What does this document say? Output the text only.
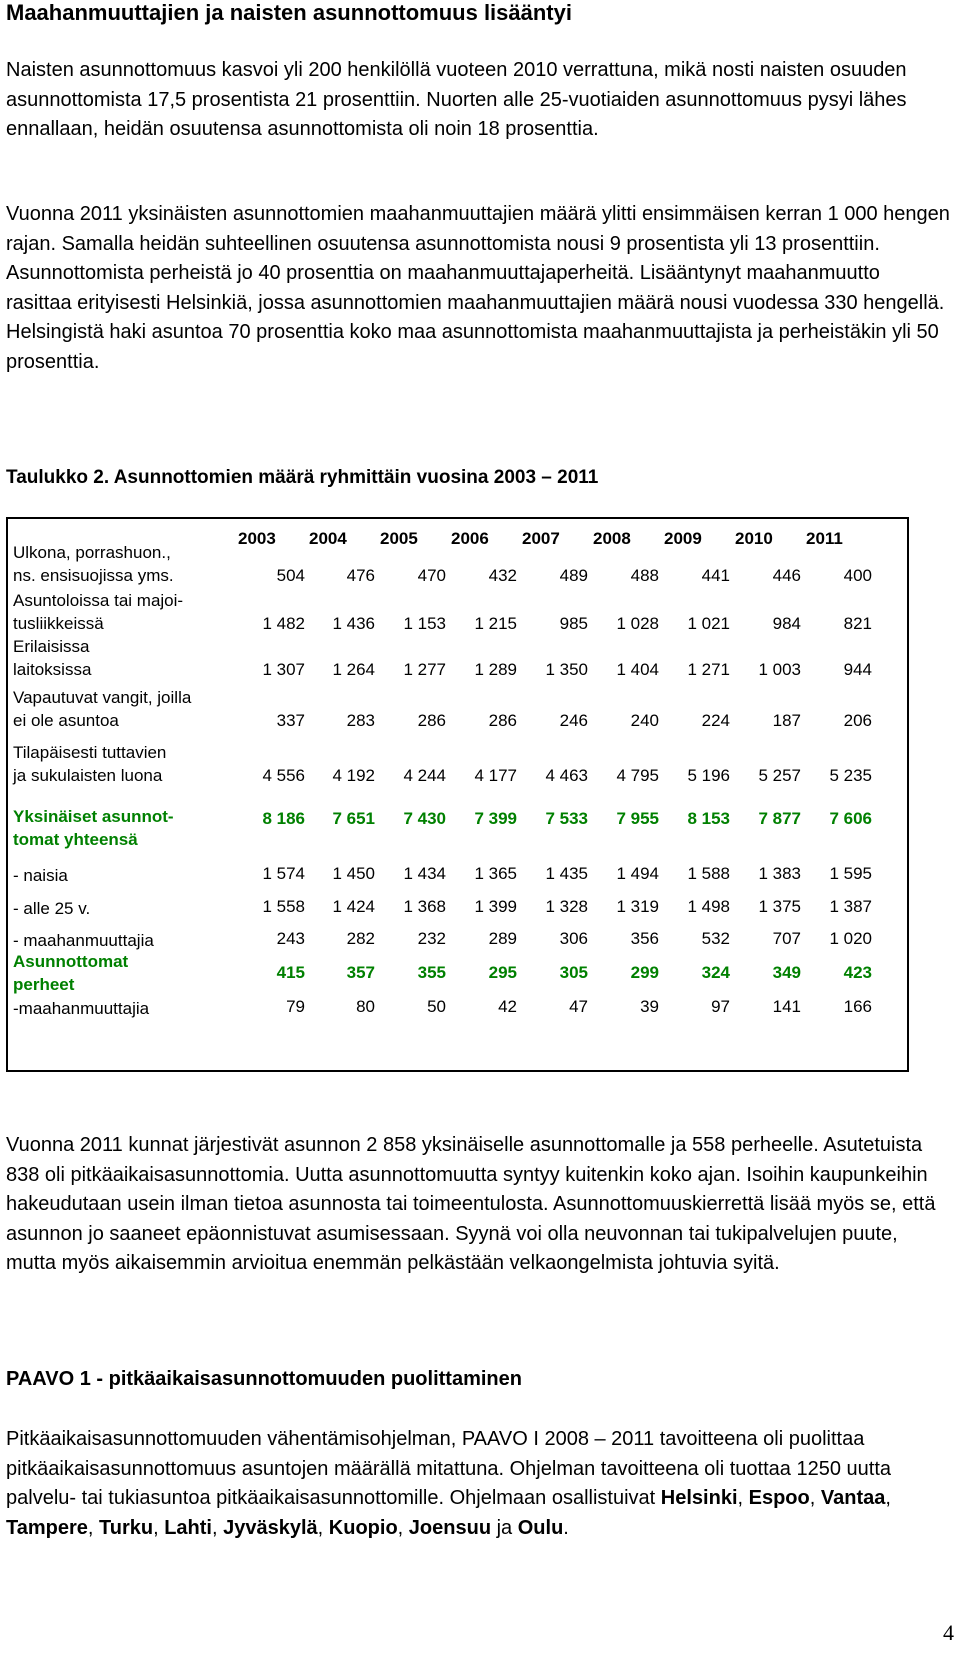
Maahanmuuttajien ja naisten asunnottomuus lisääntyi

Naisten asunnottomuus kasvoi yli 200 henkilöllä vuoteen 2010 verrattuna, mikä nosti naisten osuuden asunnottomista 17,5 prosentista 21 prosenttiin. Nuorten alle 25-vuotiaiden asunnottomuus pysyi lähes ennallaan, heidän osuutensa asunnottomista oli noin 18 prosenttia.

Vuonna 2011 yksinäisten asunnottomien maahanmuuttajien määrä ylitti ensimmäisen kerran 1 000 hengen rajan. Samalla heidän suhteellinen osuutensa asunnottomista nousi 9 prosentista yli 13 prosenttiin. Asunnottomista perheistä jo 40 prosenttia on maahanmuuttajaperheitä. Lisääntynyt maahanmuutto rasittaa erityisesti Helsinkiä, jossa asunnottomien maahanmuuttajien määrä nousi vuodessa 330 hengellä. Helsingistä haki asuntoa 70 prosenttia koko maa asunnottomista maahanmuuttajista ja perheistäkin yli 50 prosenttia.

Taulukko 2. Asunnottomien määrä ryhmittäin vuosina 2003 – 2011

2003 2004 2005 2006 2007 2008 2009 2010 2011
Ulkona, porrashuon.,
ns. ensisuojissa yms.	504	476	470	432	489	488	441	446	400
Asuntoloissa tai majoi-
tusliikkeissä	1 482	1 436	1 153	1 215	985	1 028	1 021	984	821
Erilaisissa
laitoksissa	1 307	1 264	1 277	1 289	1 350	1 404	1 271	1 003	944
Vapautuvat vangit, joilla
ei ole asuntoa	337	283	286	286	246	240	224	187	206
Tilapäisesti tuttavien
ja sukulaisten luona	4 556	4 192	4 244	4 177	4 463	4 795	5 196	5 257	5 235
Yksinäiset asunnot-
tomat yhteensä
8 186	7 651	7 430	7 399	7 533	7 955	8 153	7 877	7 606
- naisia	1 574	1 450	1 434	1 365	1 435	1 494	1 588	1 383	1 595
- alle 25 v.	1 558	1 424	1 368	1 399	1 328	1 319	1 498	1 375	1 387
- maahanmuuttajia	243	282	232	289	306	356	532	707	1 020
Asunnottomat
perheet
415	357	355	295	305	299	324	349	423
-maahanmuuttajia	79	80	50	42	47	39	97	141	166

Vuonna 2011 kunnat järjestivät asunnon 2 858 yksinäiselle asunnottomalle ja 558 perheelle. Asutetuista 838 oli pitkäaikaisasunnottomia. Uutta asunnottomuutta syntyy kuitenkin koko ajan. Isoihin kaupunkeihin hakeudutaan usein ilman tietoa asunnosta tai toimeentulosta. Asunnottomuuskierrettä lisää myös se, että asunnon jo saaneet epäonnistuvat asumisessaan. Syynä voi olla neuvonnan tai tukipalvelujen puute, mutta myös aikaisemmin arvioitua enemmän pelkästään velkaongelmista johtuvia syitä.

PAAVO 1 - pitkäaikaisasunnottomuuden puolittaminen

Pitkäaikaisasunnottomuuden vähentämisohjelman, PAAVO I 2008 – 2011 tavoitteena oli puolittaa pitkäaikaisasunnottomuus asuntojen määrällä mitattuna. Ohjelman tavoitteena oli tuottaa 1250 uutta palvelu- tai tukiasuntoa pitkäaikaisasunnottomille. Ohjelmaan osallistuivat Helsinki, Espoo, Vantaa, Tampere, Turku, Lahti, Jyväskylä, Kuopio, Joensuu ja Oulu.

4
